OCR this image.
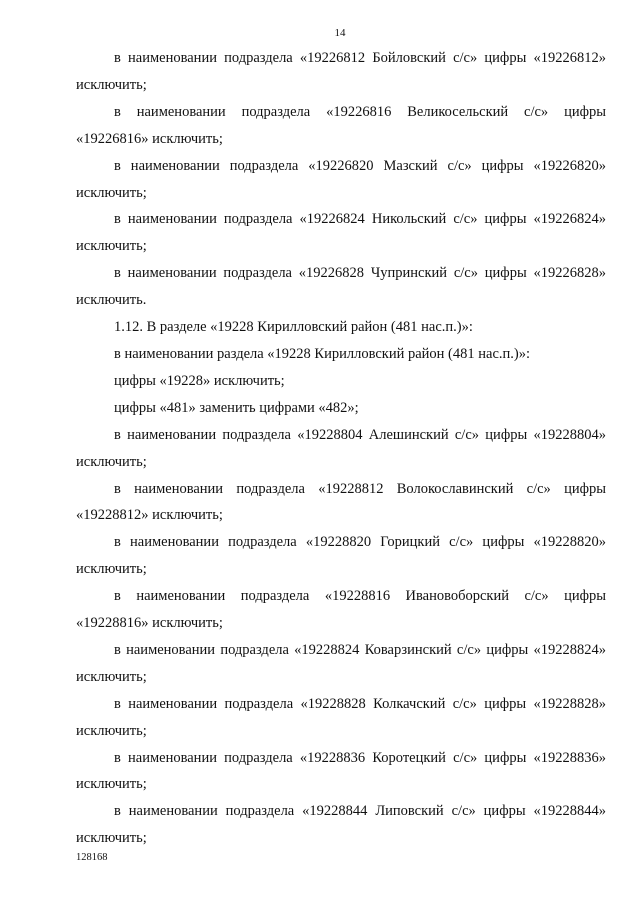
14

в наименовании подраздела «19226812 Бойловский с/с» цифры «19226812» исключить;

в наименовании подраздела «19226816 Великосельский с/с» цифры «19226816» исключить;

в наименовании подраздела «19226820 Мазский с/с» цифры «19226820» исключить;

в наименовании подраздела «19226824 Никольский с/с» цифры «19226824» исключить;

в наименовании подраздела «19226828 Чупринский с/с» цифры «19226828» исключить.

1.12. В разделе «19228 Кирилловский район (481 нас.п.)»:

в наименовании раздела «19228 Кирилловский район (481 нас.п.)»:

цифры «19228» исключить;

цифры «481» заменить цифрами «482»;

в наименовании подраздела «19228804 Алешинский с/с» цифры «19228804» исключить;

в наименовании подраздела «19228812 Волокославинский с/с» цифры «19228812» исключить;

в наименовании подраздела «19228820 Горицкий с/с» цифры «19228820» исключить;

в наименовании подраздела «19228816 Ивановоборский с/с» цифры «19228816» исключить;

в наименовании подраздела «19228824 Коварзинский с/с» цифры «19228824» исключить;

в наименовании подраздела «19228828 Колкачский с/с» цифры «19228828» исключить;

в наименовании подраздела «19228836 Коротецкий с/с» цифры «19228836» исключить;

в наименовании подраздела «19228844 Липовский с/с» цифры «19228844» исключить;

128168
